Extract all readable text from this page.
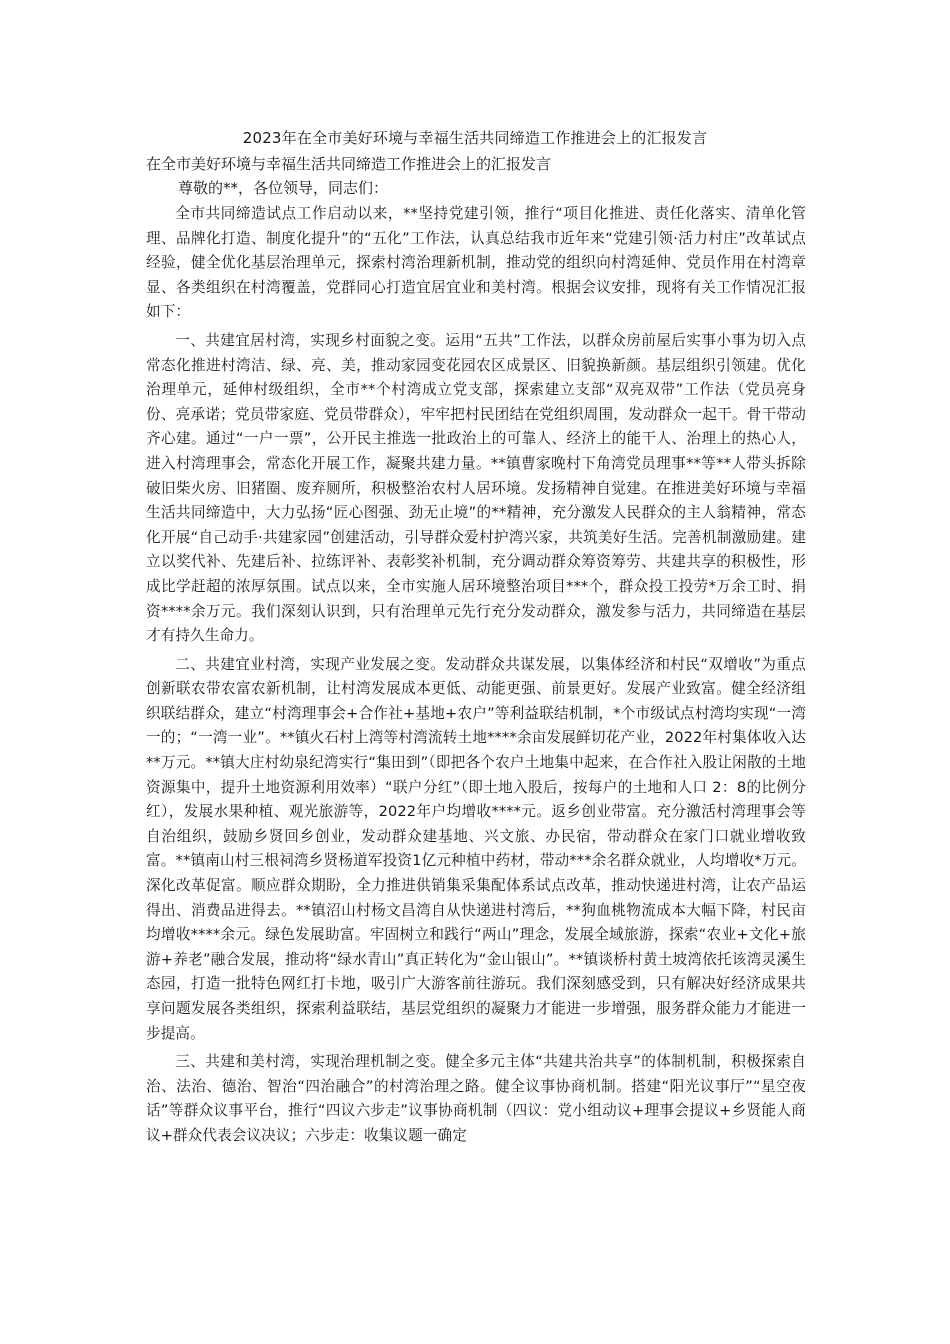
2023年在全市美好环境与幸福生活共同缔造工作推进会上的汇报发言
在全市美好环境与幸福生活共同缔造工作推进会上的汇报发言
尊敬的**，各位领导，同志们：

全市共同缔造试点工作启动以来，**坚持党建引领，推行“项目化推进、责任化落实、清单化管理、品牌化打造、制度化提升”的“五化”工作法，认真总结我市近年来“党建引领·活力村庄”改革试点经验，健全优化基层治理单元，探索村湾治理新机制，推动党的组织向村湾延伸、党员作用在村湾章显、各类组织在村湾覆盖，党群同心打造宜居宜业和美村湾。根据会议安排，现将有关工作情况汇报如下：

一、共建宜居村湾，实现乡村面貌之变。运用“五共”工作法，以群众房前屋后实事小事为切入点常态化推进村湾洁、绿、亮、美，推动家园变花园农区成景区、旧貌换新颜。基层组织引领建。优化治理单元，延伸村级组织，全市**个村湾成立党支部，探索建立支部“双亮双带”工作法（党员亮身份、亮承诺；党员带家庭、党员带群众），牢牢把村民团结在党组织周围，发动群众一起干。骨干带动齐心建。通过“一户一票”，公开民主推选一批政治上的可靠人、经济上的能干人、治理上的热心人，进入村湾理事会，常态化开展工作，凝聚共建力量。**镇曹家晚村下角湾党员理事**等**人带头拆除破旧柴火房、旧猪圈、废弃厕所，积极整治农村人居环境。发扬精神自觉建。在推进美好环境与幸福生活共同缔造中，大力弘扬“匠心图强、劲无止境”的**精神，充分激发人民群众的主人翁精神，常态化开展“自己动手·共建家园”创建活动，引导群众爱村护湾兴家，共筑美好生活。完善机制激励建。建立以奖代补、先建后补、拉练评补、表彰奖补机制，充分调动群众筹资筹劳、共建共享的积极性，形成比学赶超的浓厚氛围。试点以来，全市实施人居环境整治项目***个，群众投工投劳*万余工时、捐资****余万元。我们深刻认识到，只有治理单元先行充分发动群众，激发参与活力，共同缔造在基层才有持久生命力。

二、共建宜业村湾，实现产业发展之变。发动群众共谋发展，以集体经济和村民“双增收”为重点创新联农带农富农新机制，让村湾发展成本更低、动能更强、前景更好。发展产业致富。健全经济组织联结群众，建立“村湾理事会+合作社+基地+农户”等利益联结机制，*个市级试点村湾均实现“一湾一的；“一湾一业”。**镇火石村上湾等村湾流转土地****余亩发展鲜切花产业，2022年村集体收入达**万元。**镇大庄村幼泉纪湾实行“集田到”（即把各个农户土地集中起来，在合作社入股让闲散的土地资源集中，提升土地资源利用效率）“联户分红”（即土地入股后，按每户的土地和人口 2：8的比例分红），发展水果种植、观光旅游等，2022年户均增收****元。返乡创业带富。充分激活村湾理事会等自治组织，鼓励乡贤回乡创业，发动群众建基地、兴文旅、办民宿，带动群众在家门口就业增收致富。**镇南山村三根祠湾乡贤杨道军投资1亿元种植中药材，带动***余名群众就业，人均增收*万元。深化改革促富。顺应群众期盼，全力推进供销集采集配体系试点改革，推动快递进村湾，让农产品运得出、消费品进得去。**镇沼山村杨文昌湾自从快递进村湾后，**狗血桃物流成本大幅下降，村民亩均增收****余元。绿色发展助富。牢固树立和践行“两山”理念，发展全域旅游，探索“农业+文化+旅游+养老”融合发展，推动将“绿水青山”真正转化为“金山银山”。**镇谈桥村黄土坡湾依托该湾灵溪生态园，打造一批特色网红打卡地，吸引广大游客前往游玩。我们深刻感受到，只有解决好经济成果共享问题发展各类组织，探索利益联结，基层党组织的凝聚力才能进一步增强，服务群众能力才能进一步提高。

三、共建和美村湾，实现治理机制之变。健全多元主体“共建共治共享”的体制机制，积极探索自治、法治、德治、智治“四治融合”的村湾治理之路。健全议事协商机制。搭建“阳光议事厅”“星空夜话”等群众议事平台，推行“四议六步走”议事协商机制（四议：党小组动议+理事会提议+乡贤能人商议+群众代表会议决议；六步走：收集议题一确定
